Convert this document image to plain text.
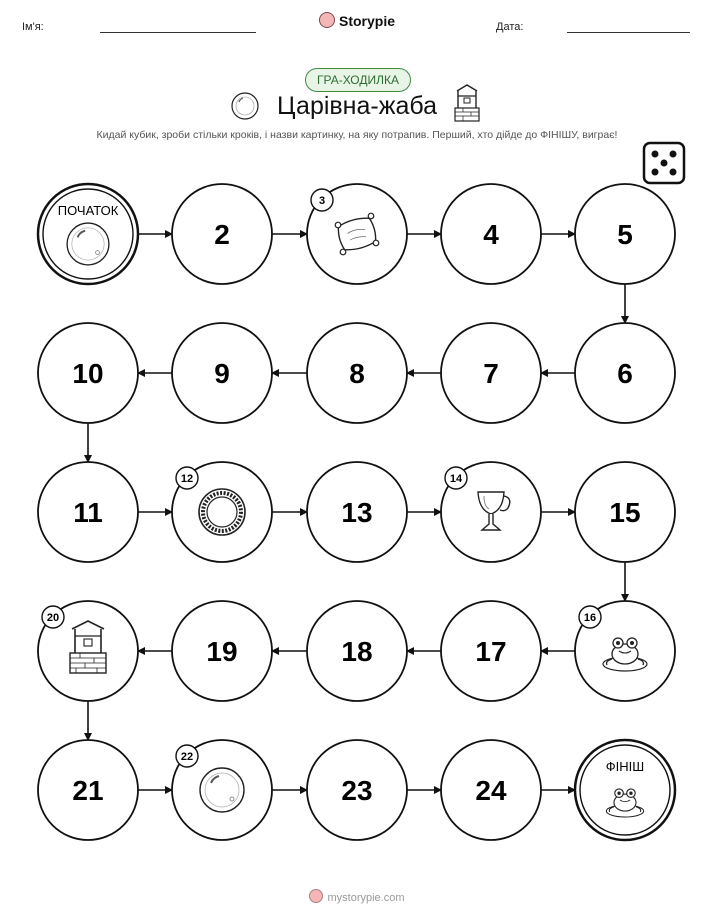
Ім'я:	Storypie	Дата:
ГРА-ХОДИЛКА
Царівна-жаба
Кидай кубик, зроби стільки кроків, і назви картинку, на яку потрапив. Перший, хто дійде до ФІНІШУ, виграє!
ПОЧАТОК
2
3
4	5
6
7
8
9
10
11
12
13
14
15
16
17
18
19
20
21
22
23	24
ФІНІШ
mystorypie.com
